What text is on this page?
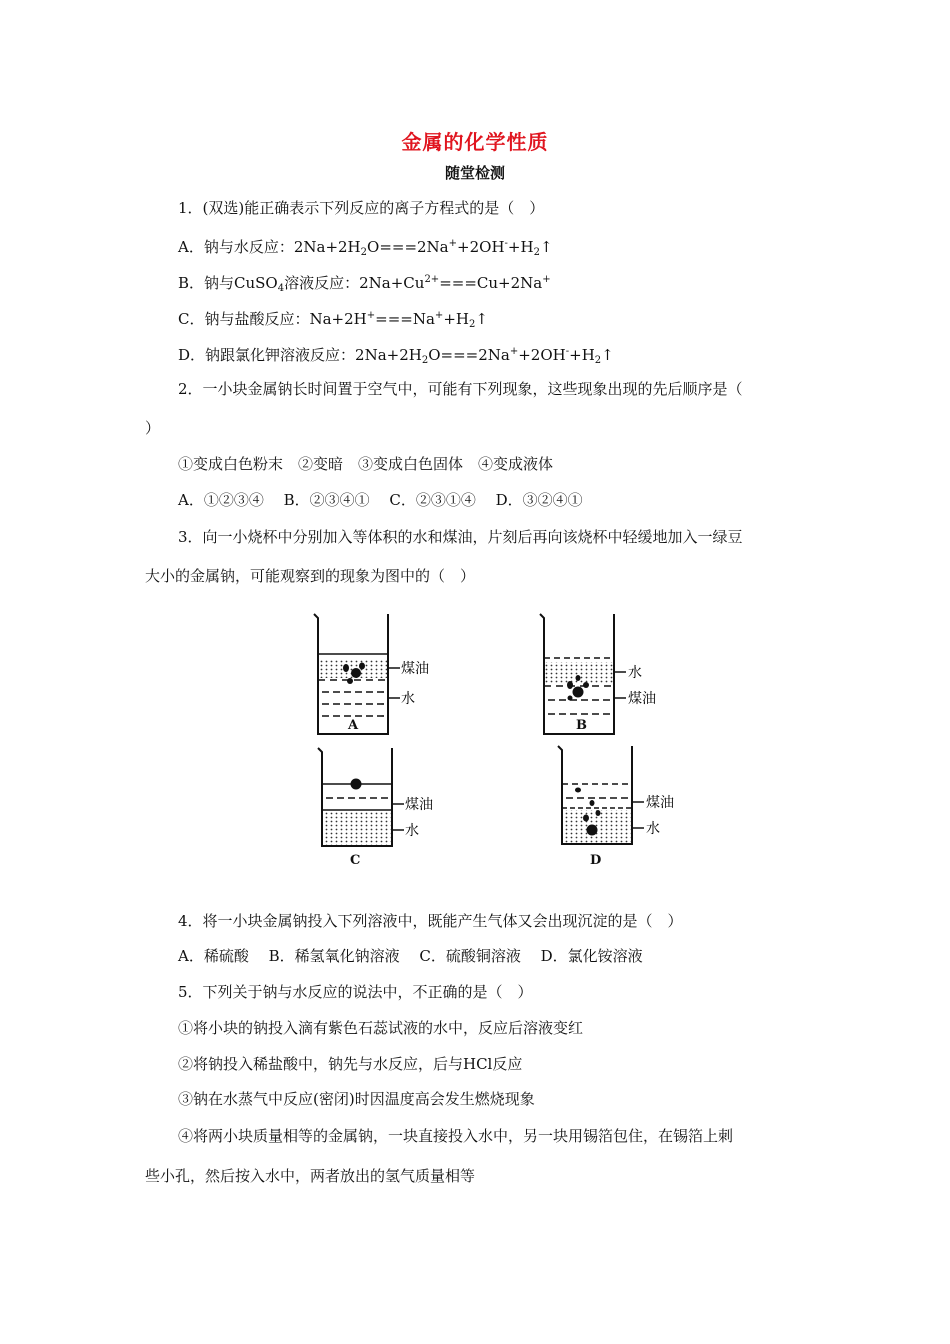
金属的化学性质
随堂检测
1．(双选)能正确表示下列反应的离子方程式的是（　）
A．钠与水反应：$2Na+2H_2O===2Na^++2OH^-+H_2↑$
B．钠与CuSO$_4$溶液反应：$2Na+Cu^{2+}===Cu+2Na^+$
C．钠与盐酸反应：$Na+2H^+===Na^++H_2↑$
D．钠跟氯化钾溶液反应：$2Na+2H_2O===2Na^++2OH^-+H_2↑$
2．一小块金属钠长时间置于空气中，可能有下列现象，这些现象出现的先后顺序是（
）
①变成白色粉末　②变暗　③变成白色固体　④变成液体
A．①②③④　 B．②③④①　 C．②③①④　 D．③②④①
3．向一小烧杯中分别加入等体积的水和煤油，片刻后再向该烧杯中轻缓地加入一绿豆
大小的金属钠，可能观察到的现象为图中的（　）
煤油
水
水
煤油
煤油
水
煤油
水
A	B
C	D
4．将一小块金属钠投入下列溶液中，既能产生气体又会出现沉淀的是（　）
A．稀硫酸　 B．稀氢氧化钠溶液　 C．硫酸铜溶液　 D．氯化铵溶液
5．下列关于钠与水反应的说法中，不正确的是（　）
①将小块的钠投入滴有紫色石蕊试液的水中，反应后溶液变红
②将钠投入稀盐酸中，钠先与水反应，后与HCl反应
③钠在水蒸气中反应(密闭)时因温度高会发生燃烧现象
④将两小块质量相等的金属钠，一块直接投入水中，另一块用锡箔包住，在锡箔上刺
些小孔，然后按入水中，两者放出的氢气质量相等
